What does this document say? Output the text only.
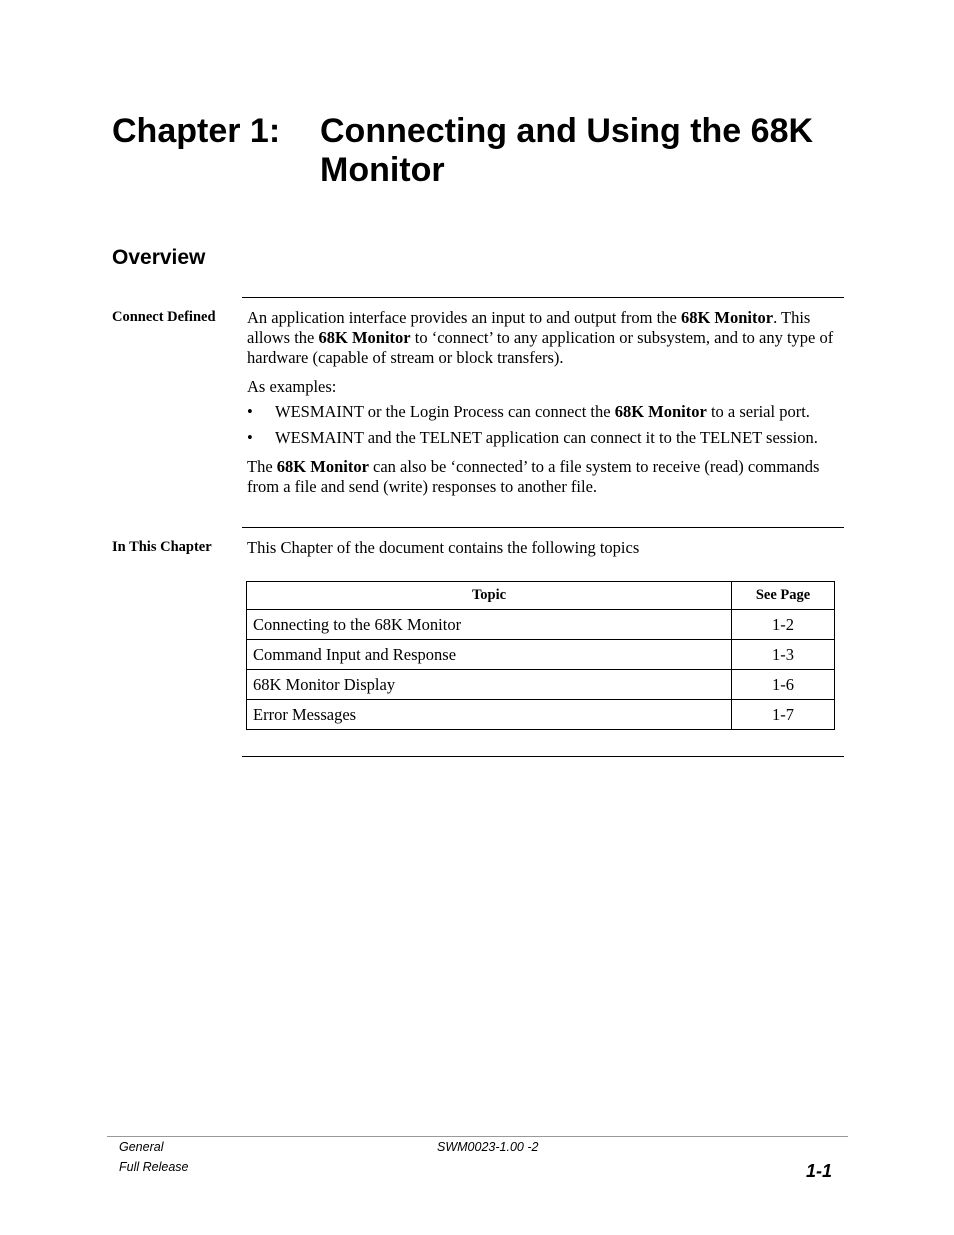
Chapter 1: Connecting and Using the 68K Monitor
Overview
Connect Defined	An application interface provides an input to and output from the 68K Monitor. This allows the 68K Monitor to ‘connect’ to any application or subsystem, and to any type of hardware (capable of stream or block transfers).

As examples:

• WESMAINT or the Login Process can connect the 68K Monitor to a serial port.
• WESMAINT and the TELNET application can connect it to the TELNET session.

The 68K Monitor can also be ‘connected’ to a file system to receive (read) commands from a file and send (write) responses to another file.

In This Chapter	This Chapter of the document contains the following topics
Topic	See Page
Connecting to the 68K Monitor	1-2
Command Input and Response	1-3
68K Monitor Display	1-6
Error Messages	1-7
General
Full Release
SWM0023-1.00 -2
1-1
